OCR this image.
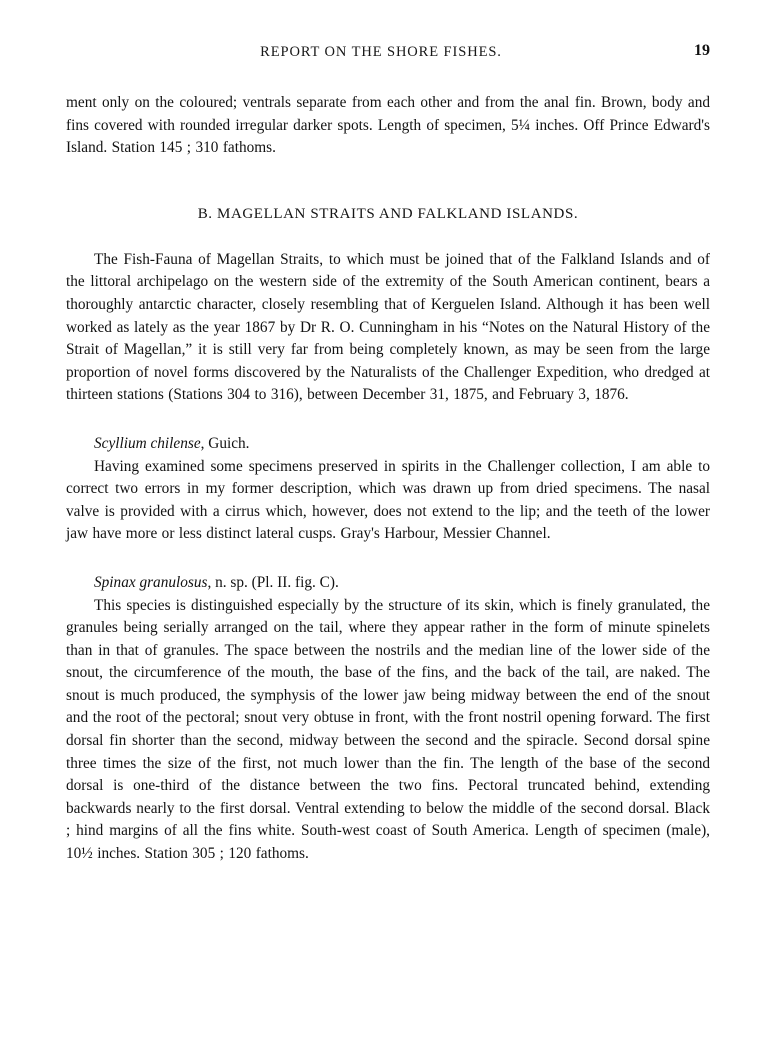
REPORT ON THE SHORE FISHES.	19

ment only on the coloured; ventrals separate from each other and from the anal fin. Brown, body and fins covered with rounded irregular darker spots. Length of specimen, 5¼ inches. Off Prince Edward's Island. Station 145 ; 310 fathoms.

B. MAGELLAN STRAITS AND FALKLAND ISLANDS.

The Fish-Fauna of Magellan Straits, to which must be joined that of the Falkland Islands and of the littoral archipelago on the western side of the extremity of the South American continent, bears a thoroughly antarctic character, closely resembling that of Kerguelen Island. Although it has been well worked as lately as the year 1867 by Dr R. O. Cunningham in his “Notes on the Natural History of the Strait of Magellan,” it is still very far from being completely known, as may be seen from the large proportion of novel forms discovered by the Naturalists of the Challenger Expedition, who dredged at thirteen stations (Stations 304 to 316), between December 31, 1875, and February 3, 1876.

Scyllium chilense, Guich.

Having examined some specimens preserved in spirits in the Challenger collection, I am able to correct two errors in my former description, which was drawn up from dried specimens. The nasal valve is provided with a cirrus which, however, does not extend to the lip; and the teeth of the lower jaw have more or less distinct lateral cusps. Gray's Harbour, Messier Channel.

Spinax granulosus, n. sp. (Pl. II. fig. C).

This species is distinguished especially by the structure of its skin, which is finely granulated, the granules being serially arranged on the tail, where they appear rather in the form of minute spinelets than in that of granules. The space between the nostrils and the median line of the lower side of the snout, the circumference of the mouth, the base of the fins, and the back of the tail, are naked. The snout is much produced, the symphysis of the lower jaw being midway between the end of the snout and the root of the pectoral; snout very obtuse in front, with the front nostril opening forward. The first dorsal fin shorter than the second, midway between the second and the spiracle. Second dorsal spine three times the size of the first, not much lower than the fin. The length of the base of the second dorsal is one-third of the distance between the two fins. Pectoral truncated behind, extending backwards nearly to the first dorsal. Ventral extending to below the middle of the second dorsal. Black ; hind margins of all the fins white. South-west coast of South America. Length of specimen (male), 10½ inches. Station 305 ; 120 fathoms.
